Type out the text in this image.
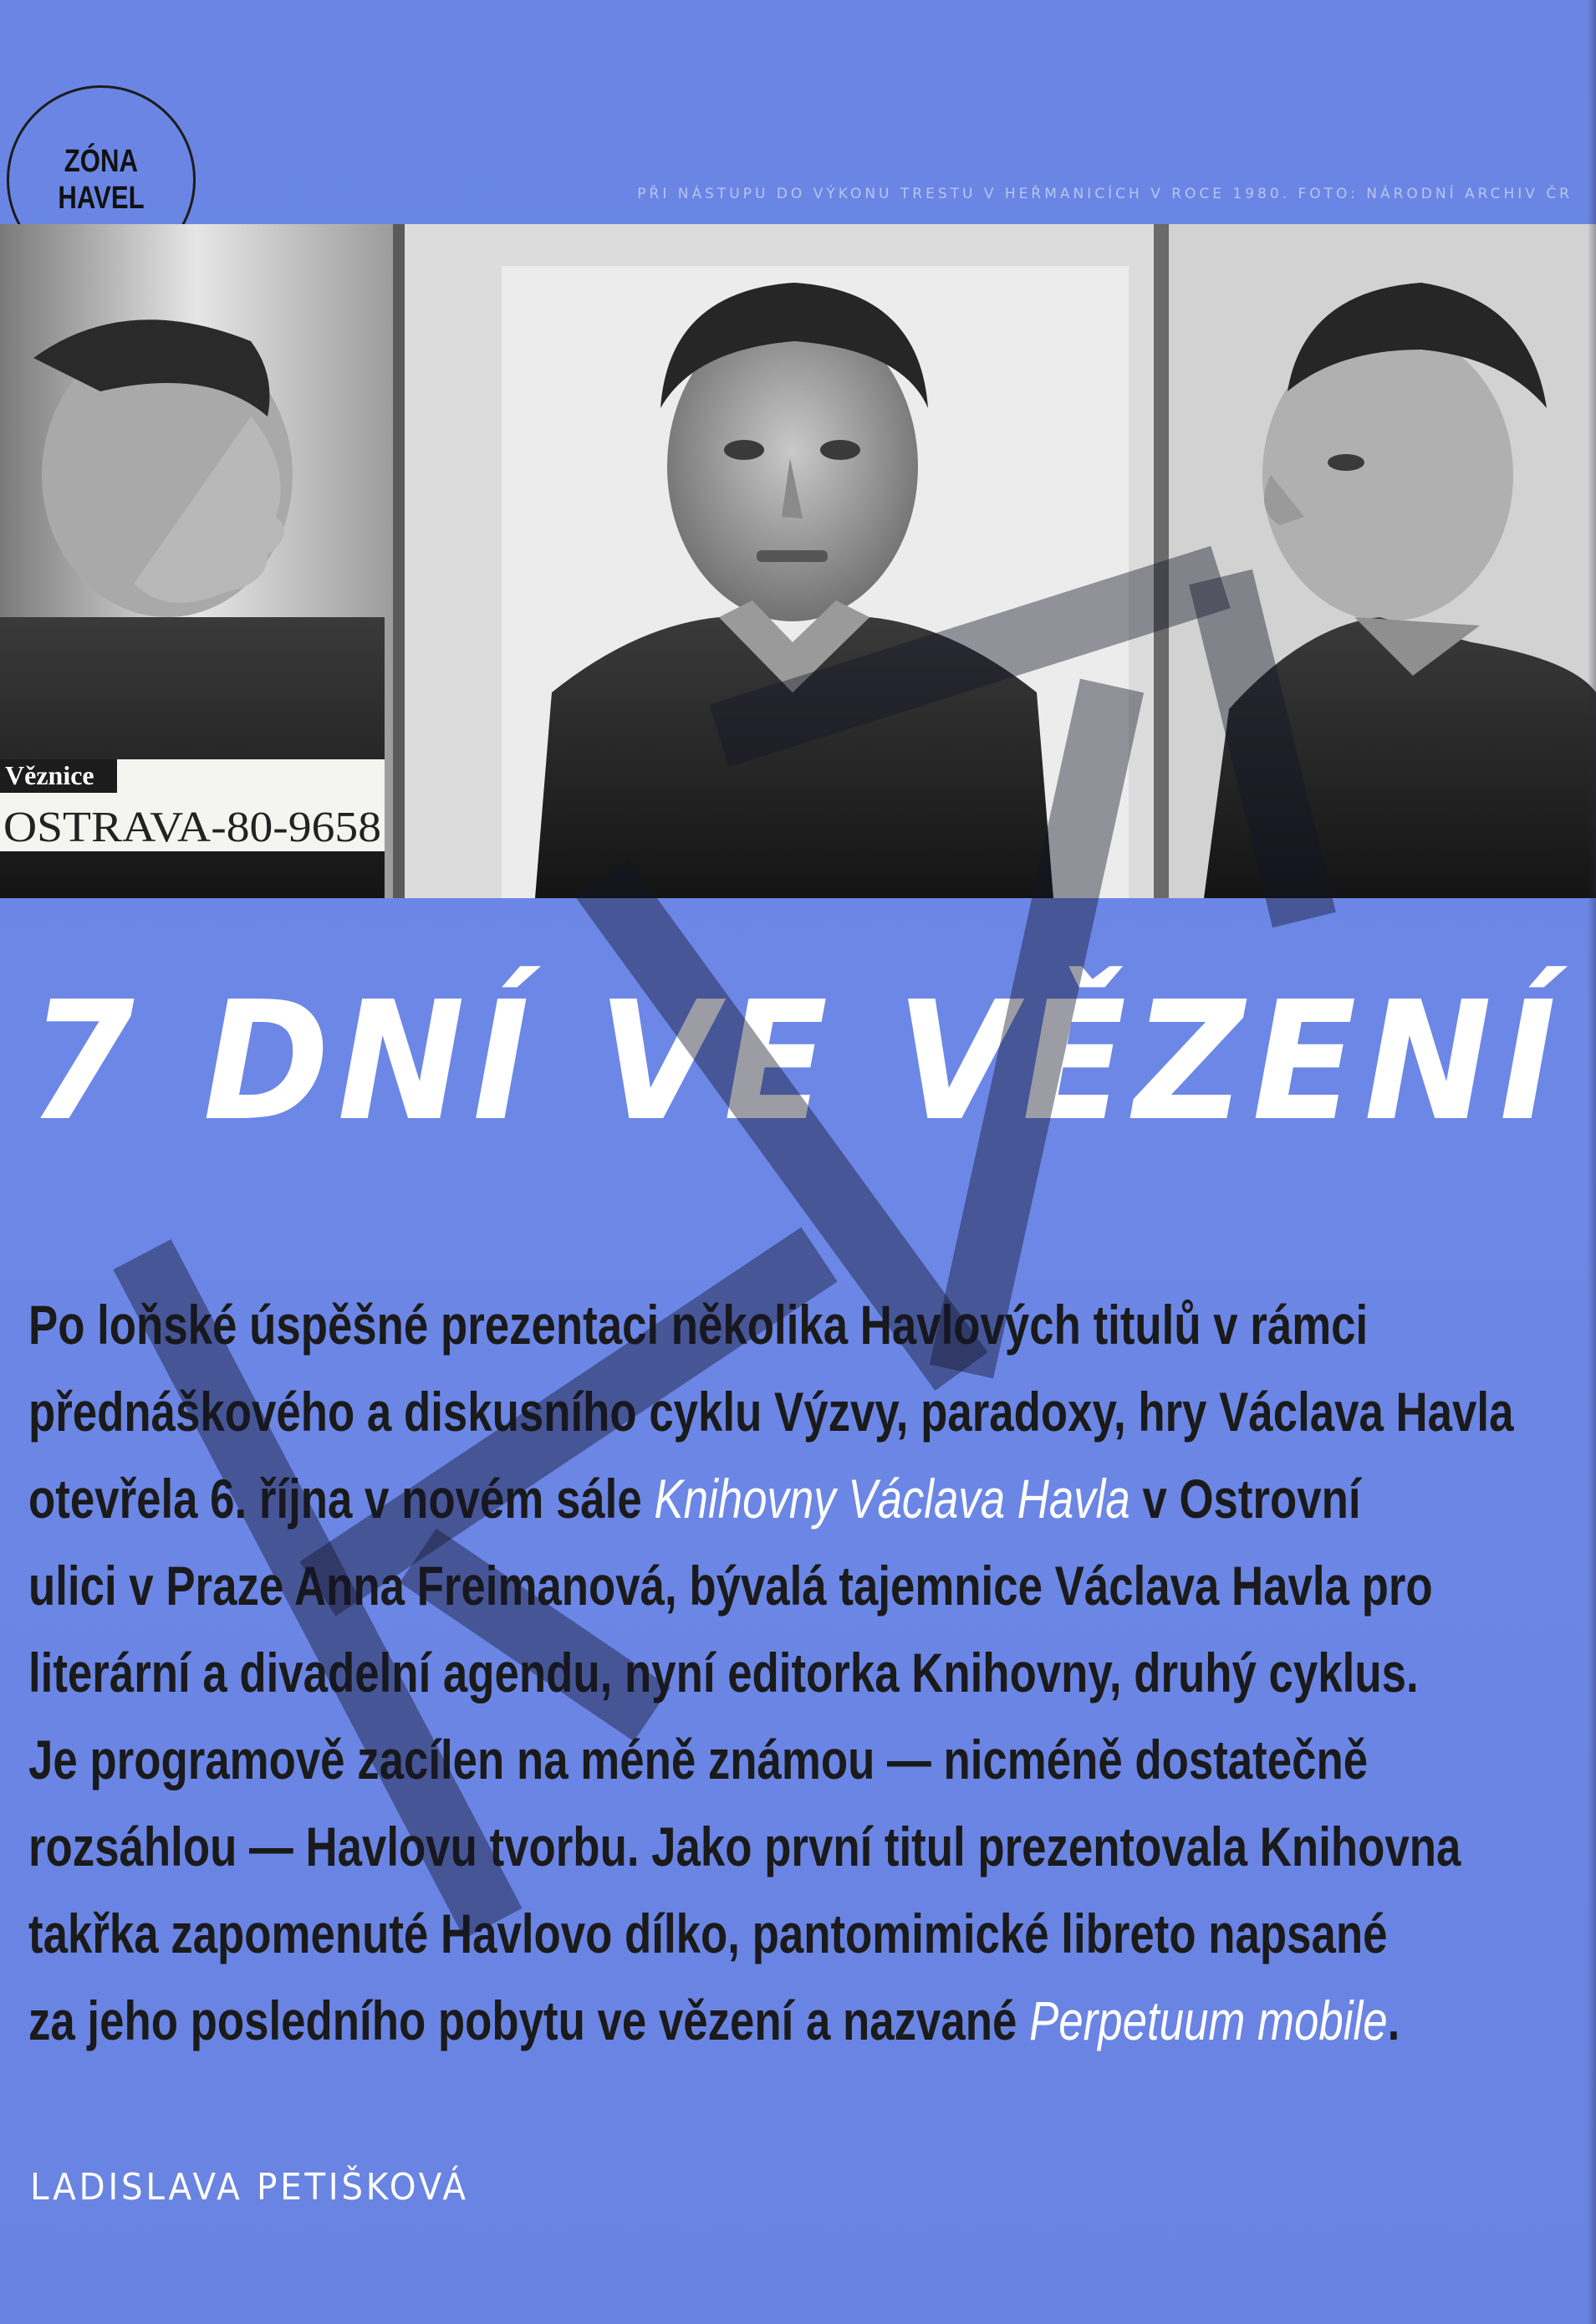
ZÓNA
HAVEL	PŘI NÁSTUPU DO VÝKONU TRESTU V HEŘMANICÍCH V ROCE 1980. FOTO: NÁRODNÍ ARCHIV ČR
Věznice
OSTRAVA-80-9658
7 DNÍ VE VĚZENÍ
Po loňské úspěšné prezentaci několika Havlových titulů v rámci
přednáškového a diskusního cyklu Výzvy, paradoxy, hry Václava Havla
otevřela 6. října v novém sále Knihovny Václava Havla v Ostrovní
ulici v Praze Anna Freimanová, bývalá tajemnice Václava Havla pro
literární a divadelní agendu, nyní editorka Knihovny, druhý cyklus.
Je programově zacílen na méně známou — nicméně dostatečně
rozsáhlou — Havlovu tvorbu. Jako první titul prezentovala Knihovna
takřka zapomenuté Havlovo dílko, pantomimické libreto napsané
za jeho posledního pobytu ve vězení a nazvané Perpetuum mobile.
LADISLAVA PETIŠKOVÁ
